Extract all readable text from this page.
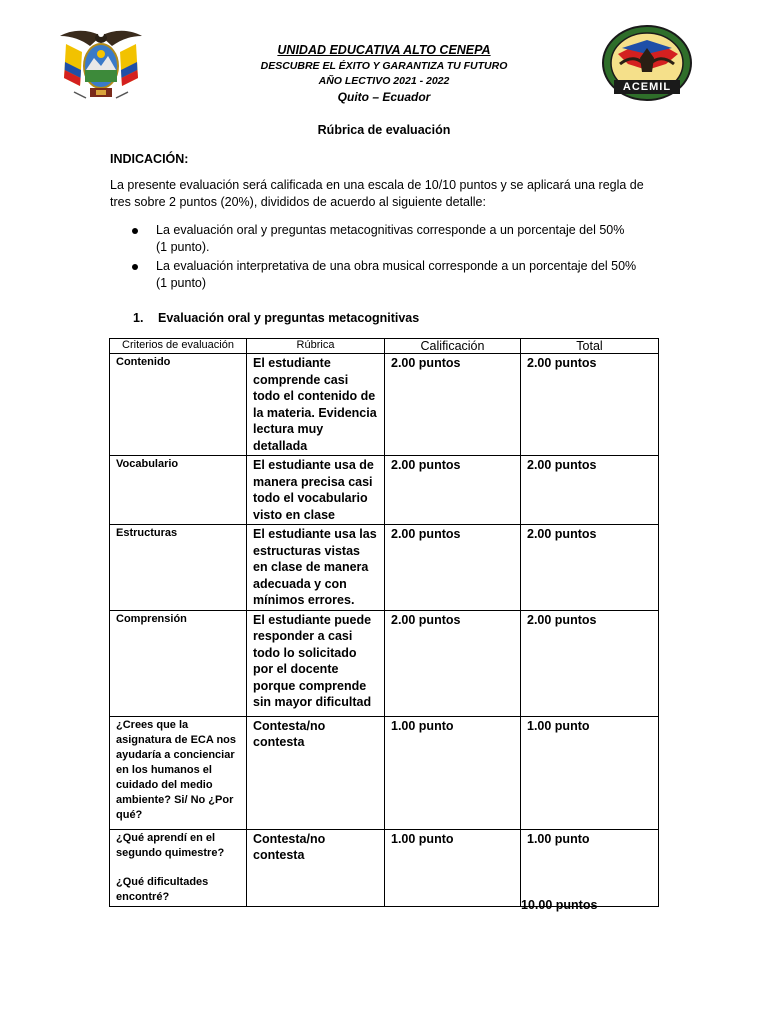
ACEMIL
UNIDAD EDUCATIVA ALTO CENEPA
DESCUBRE EL ÉXITO Y GARANTIZA TU FUTURO
AÑO LECTIVO 2021 - 2022
Quito – Ecuador
Rúbrica de evaluación
INDICACIÓN:
La presente evaluación será calificada en una escala de 10/10 puntos y se aplicará una regla de tres sobre 2 puntos (20%), divididos de acuerdo al siguiente detalle:
La evaluación oral y preguntas metacognitivas corresponde a un porcentaje del 50%
(1 punto).
La evaluación interpretativa de una obra musical corresponde a un porcentaje del 50%
(1 punto)
1. Evaluación oral y preguntas metacognitivas
Criterios de evaluación	Rúbrica	Calificación	Total
Contenido	El estudiante comprende casi todo el contenido de la materia. Evidencia lectura muy detallada	2.00 puntos	2.00 puntos
Vocabulario	El estudiante usa de manera precisa casi todo el vocabulario visto en clase	2.00 puntos	2.00 puntos
Estructuras	El estudiante usa las estructuras vistas en clase de manera adecuada y con mínimos errores.	2.00 puntos	2.00 puntos
Comprensión	El estudiante puede responder a casi todo lo solicitado por el docente porque comprende sin mayor dificultad	2.00 puntos	2.00 puntos
¿Crees que la asignatura de ECA nos ayudaría a concienciar en los humanos el cuidado del medio ambiente? Si/ No ¿Por qué?	Contesta/no contesta	1.00 punto	1.00 punto

¿Qué aprendí en el segundo quimestre?
¿Qué dificultades encontré?	Contesta/no contesta	1.00 punto	1.00 punto
10.00 puntos
